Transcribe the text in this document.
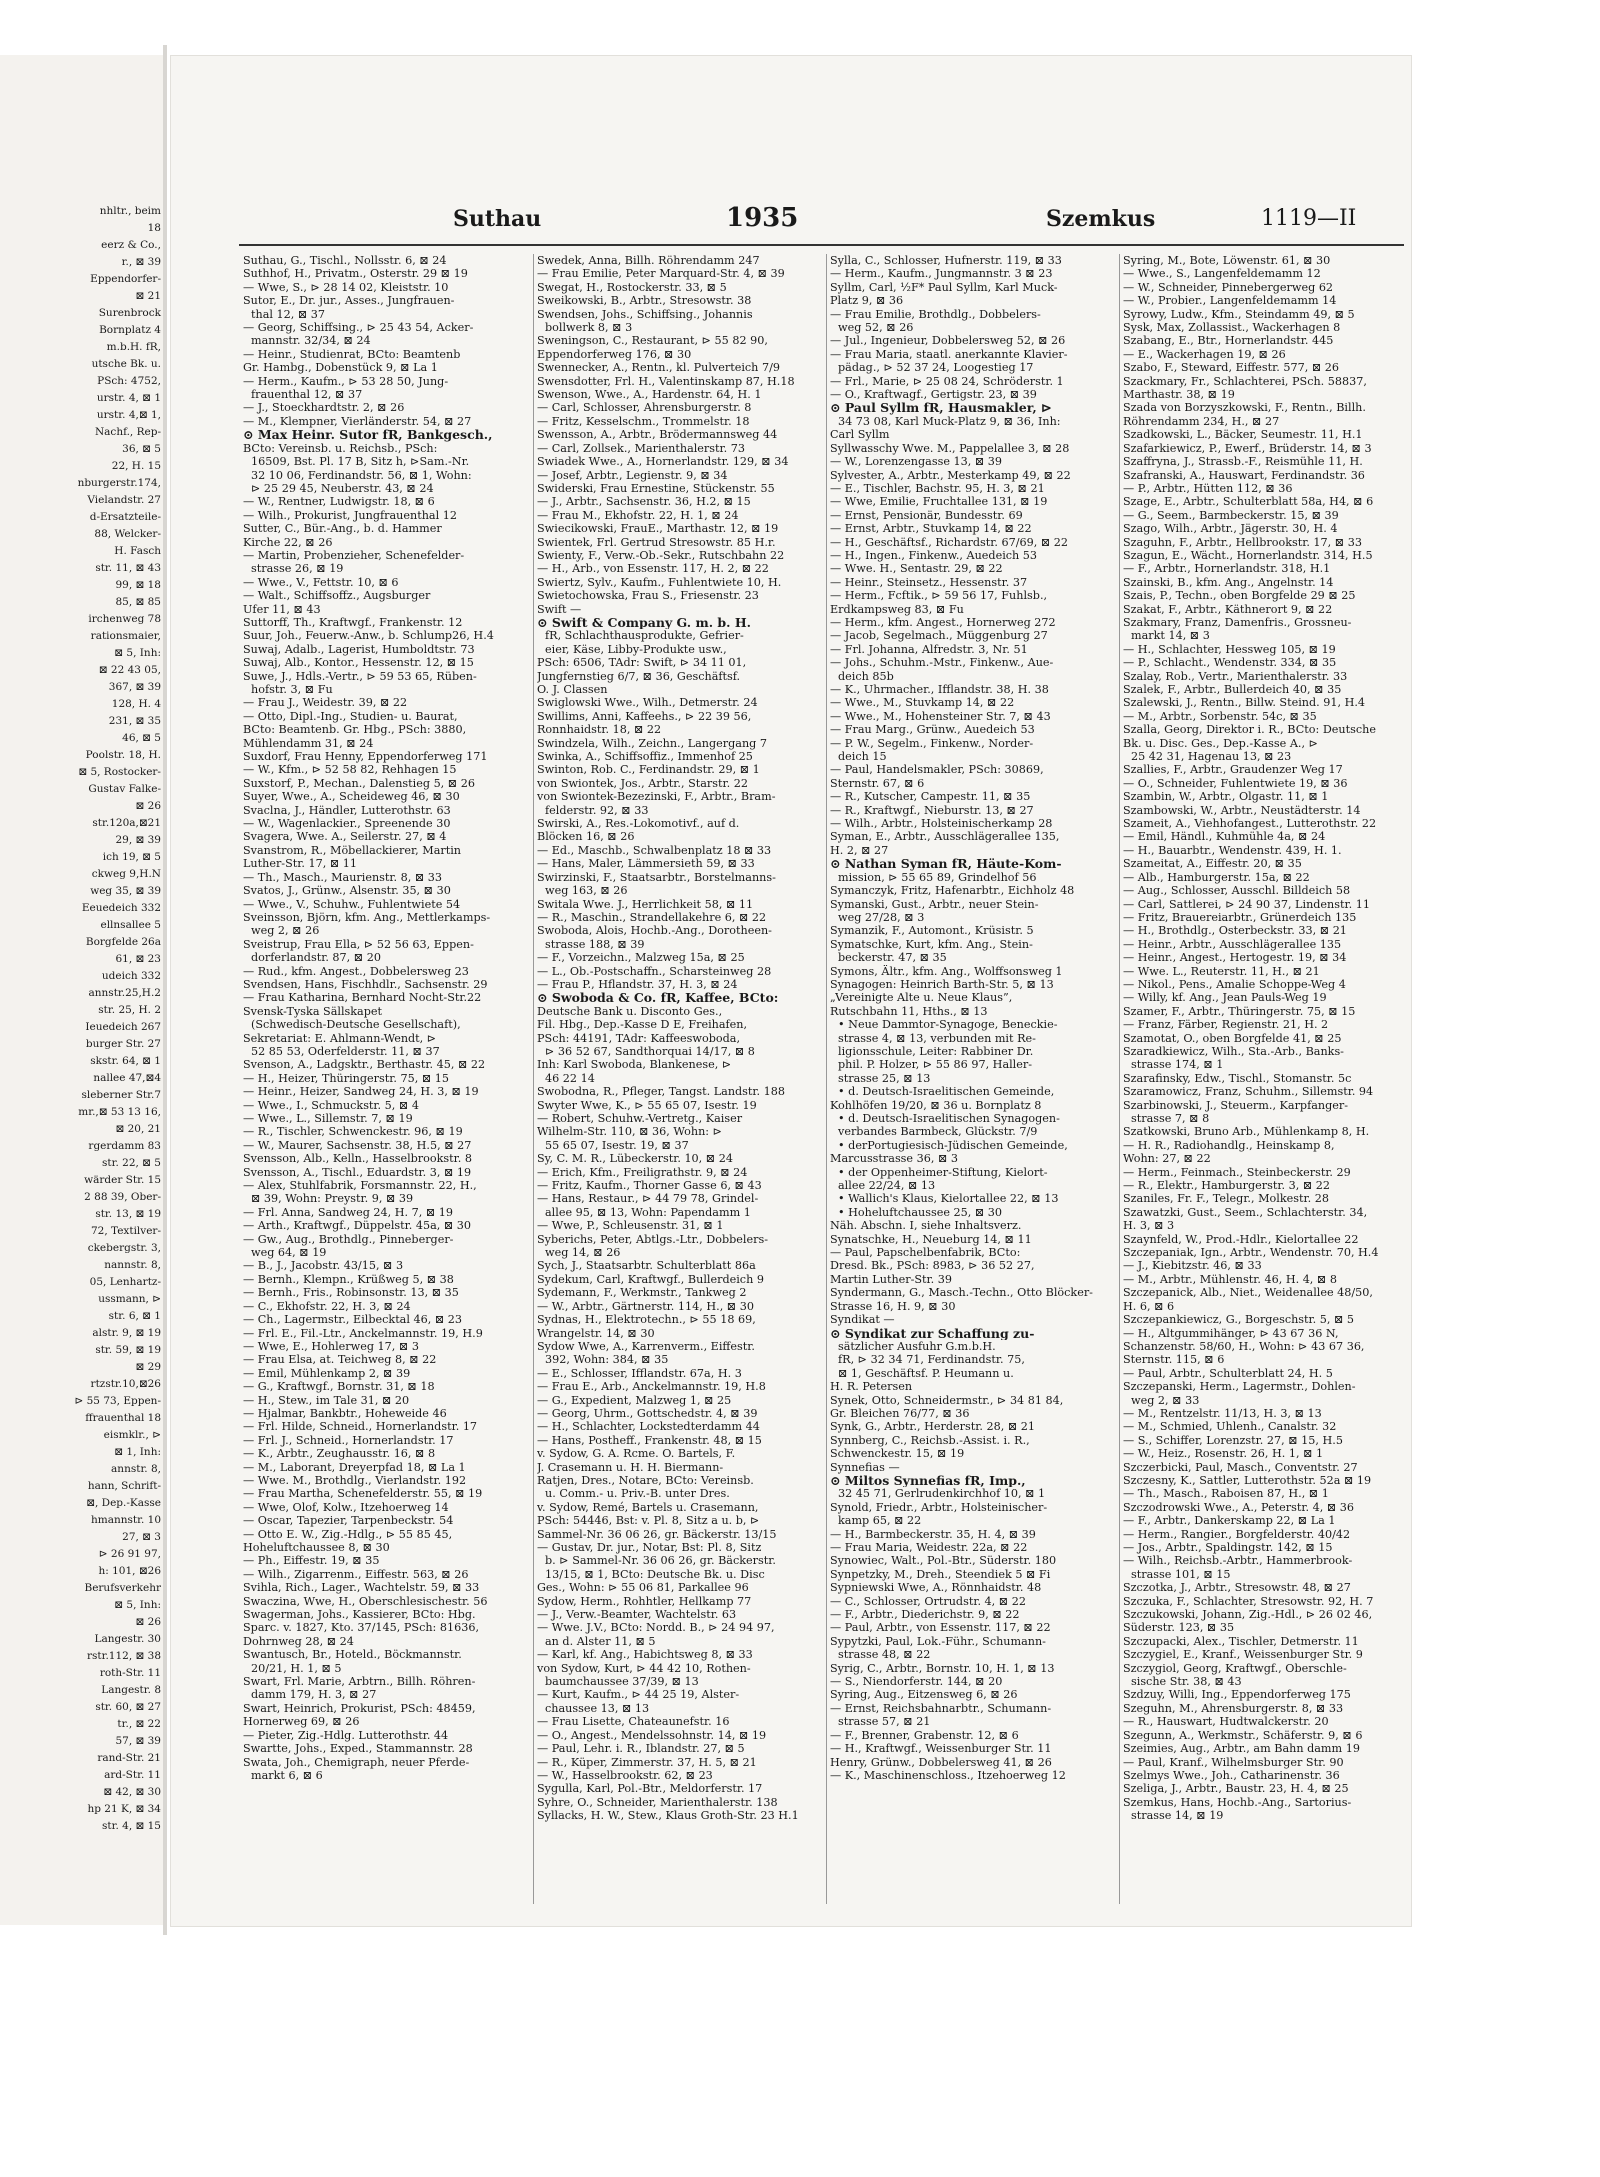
nhltr., beim
18
eerz & Co.,
r., ⊠ 39
Eppendorfer-
⊠ 21
Surenbrock
Bornplatz 4
m.b.H. fR,
utsche Bk. u.
PSch: 4752,
urstr. 4, ⊠ 1
urstr. 4,⊠ 1,
Nachf., Rep-
36, ⊠ 5
22, H. 15
nburgerstr.174,
Vielandstr. 27
d-Ersatzteile-
88, Welcker-
H. Fasch
str. 11, ⊠ 43
99, ⊠ 18
85, ⊠ 85
irchenweg 78
rationsmaier,
⊠ 5, Inh:
⊠ 22 43 05,
367, ⊠ 39
128, H. 4
231, ⊠ 35
46, ⊠ 5
Poolstr. 18, H.
⊠ 5, Rostocker-
Gustav Falke-
⊠ 26
str.120a,⊠21
29, ⊠ 39
ich 19, ⊠ 5
ckweg 9,H.N
weg 35, ⊠ 39
Eeuedeich 332
ellnsallee 5
Borgfelde 26a
61, ⊠ 23
udeich 332
annstr.25,H.2
str. 25, H. 2
Ieuedeich 267
burger Str. 27
skstr. 64, ⊠ 1
nallee 47,⊠4
sleberner Str.7
mr.,⊠ 53 13 16,
⊠ 20, 21
rgerdamm 83
str. 22, ⊠ 5
wärder Str. 15
2 88 39, Ober-
str. 13, ⊠ 19
72, Textilver-
ckebergstr. 3,
nannstr. 8,
05, Lenhartz-
ussmann, ⊳
str. 6, ⊠ 1
alstr. 9, ⊠ 19
str. 59, ⊠ 19
⊠ 29
rtzstr.10,⊠26
⊳ 55 73, Eppen-
ffrauenthal 18
eismklr., ⊳
⊠ 1, Inh:
annstr. 8,
hann, Schrift-
⊠, Dep.-Kasse
hmannstr. 10
27, ⊠ 3
⊳ 26 91 97,
h: 101, ⊠26
Berufsverkehr
⊠ 5, Inh:
⊠ 26
Langestr. 30
rstr.112, ⊠ 38
roth-Str. 11
Langestr. 8
str. 60, ⊠ 27
tr., ⊠ 22
57, ⊠ 39
rand-Str. 21
ard-Str. 11
⊠ 42, ⊠ 30
hp 21 K, ⊠ 34
str. 4, ⊠ 15
Suthau	1935	Szemkus	1119—II
Suthau, G., Tischl., Nollsstr. 6, ⊠ 24
Suthhof, H., Privatm., Osterstr. 29 ⊠ 19
— Wwe, S., ⊳ 28 14 02, Kleiststr. 10
Sutor, E., Dr. jur., Asses., Jungfrauen-
thal 12, ⊠ 37
— Georg, Schiffsing., ⊳ 25 43 54, Acker-
mannstr. 32/34, ⊠ 24
— Heinr., Studienrat, BCto: Beamtenb
Gr. Hambg., Dobenstück 9, ⊠ La 1
— Herm., Kaufm., ⊳ 53 28 50, Jung-
frauenthal 12, ⊠ 37
— J., Stoeckhardtstr. 2, ⊠ 26
— M., Klempner, Vierländerstr. 54, ⊠ 27
⊙ Max Heinr. Sutor fR, Bankgesch.,
BCto: Vereinsb. u. Reichsb., PSch:
16509, Bst. Pl. 17 B, Sitz h, ⊳Sam.-Nr.
32 10 06, Ferdinandstr. 56, ⊠ 1, Wohn:
⊳ 25 29 45, Neuberstr. 43, ⊠ 24
— W., Rentner, Ludwigstr. 18, ⊠ 6
— Wilh., Prokurist, Jungfrauenthal 12
Sutter, C., Bür.-Ang., b. d. Hammer
Kirche 22, ⊠ 26
— Martin, Probenzieher, Schenefelder-
strasse 26, ⊠ 19
— Wwe., V., Fettstr. 10, ⊠ 6
— Walt., Schiffsoffz., Augsburger
Ufer 11, ⊠ 43
Suttorff, Th., Kraftwgf., Frankenstr. 12
Suur, Joh., Feuerw.-Anw., b. Schlump26, H.4
Suwaj, Adalb., Lagerist, Humboldtstr. 73
Suwaj, Alb., Kontor., Hessenstr. 12, ⊠ 15
Suwe, J., Hdls.-Vertr., ⊳ 59 53 65, Rüben-
hofstr. 3, ⊠ Fu
— Frau J., Weidestr. 39, ⊠ 22
— Otto, Dipl.-Ing., Studien- u. Baurat,
BCto: Beamtenb. Gr. Hbg., PSch: 3880,
Mühlendamm 31, ⊠ 24
Suxdorf, Frau Henny, Eppendorferweg 171
— W., Kfm., ⊳ 52 58 82, Rehhagen 15
Suxstorf, P., Mechan., Dalenstieg 5, ⊠ 26
Suyer, Wwe., A., Scheideweg 46, ⊠ 30
Svaclna, J., Händler, Lutterothstr. 63
— W., Wagenlackier., Spreenende 30
Svagera, Wwe. A., Seilerstr. 27, ⊠ 4
Svanstrom, R., Möbellackierer, Martin
Luther-Str. 17, ⊠ 11
— Th., Masch., Maurienstr. 8, ⊠ 33
Svatos, J., Grünw., Alsenstr. 35, ⊠ 30
— Wwe., V., Schuhw., Fuhlentwiete 54
Sveinsson, Björn, kfm. Ang., Mettlerkamps-
weg 2, ⊠ 26
Sveistrup, Frau Ella, ⊳ 52 56 63, Eppen-
dorferlandstr. 87, ⊠ 20
— Rud., kfm. Angest., Dobbelersweg 23
Svendsen, Hans, Fischhdlr., Sachsenstr. 29
— Frau Katharina, Bernhard Nocht-Str.22
Svensk-Tyska Sällskapet
(Schwedisch-Deutsche Gesellschaft),
Sekretariat: E. Ahlmann-Wendt, ⊳
52 85 53, Oderfelderstr. 11, ⊠ 37
Svenson, A., Ladgsktr., Berthastr. 45, ⊠ 22
— H., Heizer, Thüringerstr. 75, ⊠ 15
— Heinr., Heizer, Sandweg 24, H. 3, ⊠ 19
— Wwe., I., Schmuckstr. 5, ⊠ 4
— Wwe., L., Sillemstr. 7, ⊠ 19
— R., Tischler, Schwenckestr. 96, ⊠ 19
— W., Maurer, Sachsenstr. 38, H.5, ⊠ 27
Svensson, Alb., Kelln., Hasselbrookstr. 8
Svensson, A., Tischl., Eduardstr. 3, ⊠ 19
— Alex, Stuhlfabrik, Forsmannstr. 22, H.,
⊠ 39, Wohn: Preystr. 9, ⊠ 39
— Frl. Anna, Sandweg 24, H. 7, ⊠ 19
— Arth., Kraftwgf., Düppelstr. 45a, ⊠ 30
— Gw., Aug., Brothdlg., Pinneberger-
weg 64, ⊠ 19
— B., J., Jacobstr. 43/15, ⊠ 3
— Bernh., Klempn., Krüßweg 5, ⊠ 38
— Bernh., Fris., Robinsonstr. 13, ⊠ 35
— C., Ekhofstr. 22, H. 3, ⊠ 24
— Ch., Lagermstr., Eilbecktal 46, ⊠ 23
— Frl. E., Fil.-Ltr., Anckelmannstr. 19, H.9
— Wwe, E., Hohlerweg 17, ⊠ 3
— Frau Elsa, at. Teichweg 8, ⊠ 22
— Emil, Mühlenkamp 2, ⊠ 39
— G., Kraftwgf., Bornstr. 31, ⊠ 18
— H., Stew., im Tale 31, ⊠ 20
— Hjalmar, Bankbtr., Hoheweide 46
— Frl. Hilde, Schneid., Hornerlandstr. 17
— Frl. J., Schneid., Hornerlandstr. 17
— K., Arbtr., Zeughausstr. 16, ⊠ 8
— M., Laborant, Dreyerpfad 18, ⊠ La 1
— Wwe. M., Brothdlg., Vierlandstr. 192
— Frau Martha, Schenefelderstr. 55, ⊠ 19
— Wwe, Olof, Kolw., Itzehoerweg 14
— Oscar, Tapezier, Tarpenbeckstr. 54
— Otto E. W., Zig.-Hdlg., ⊳ 55 85 45,
Hoheluftchaussee 8, ⊠ 30
— Ph., Eiffestr. 19, ⊠ 35
— Wilh., Zigarrenm., Eiffestr. 563, ⊠ 26
Svihla, Rich., Lager., Wachtelstr. 59, ⊠ 33
Swaczina, Wwe, H., Oberschlesischestr. 56
Swagerman, Johs., Kassierer, BCto: Hbg.
Sparc. v. 1827, Kto. 37/145, PSch: 81636,
Dohrnweg 28, ⊠ 24
Swantusch, Br., Hoteld., Böckmannstr.
20/21, H. 1, ⊠ 5
Swart, Frl. Marie, Arbtrn., Billh. Röhren-
damm 179, H. 3, ⊠ 27
Swart, Heinrich, Prokurist, PSch: 48459,
Hornerweg 69, ⊠ 26
— Pieter, Zig.-Hdlg. Lutterothstr. 44
Swartte, Johs., Exped., Stammannstr. 28
Swata, Joh., Chemigraph, neuer Pferde-
markt 6, ⊠ 6
Swedek, Anna, Billh. Röhrendamm 247
— Frau Emilie, Peter Marquard-Str. 4, ⊠ 39
Swegat, H., Rostockerstr. 33, ⊠ 5
Sweikowski, B., Arbtr., Stresowstr. 38
Swendsen, Johs., Schiffsing., Johannis
bollwerk 8, ⊠ 3
Sweningson, C., Restaurant, ⊳ 55 82 90,
Eppendorferweg 176, ⊠ 30
Swennecker, A., Rentn., kl. Pulverteich 7/9
Swensdotter, Frl. H., Valentinskamp 87, H.18
Swenson, Wwe., A., Hardenstr. 64, H. 1
— Carl, Schlosser, Ahrensburgerstr. 8
— Fritz, Kesselschm., Trommelstr. 18
Swensson, A., Arbtr., Brödermannsweg 44
— Carl, Zollsek., Marienthalerstr. 73
Swiadek Wwe., A., Hornerlandstr. 129, ⊠ 34
— Josef, Arbtr., Legienstr. 9, ⊠ 34
Swiderski, Frau Ernestine, Stückenstr. 55
— J., Arbtr., Sachsenstr. 36, H.2, ⊠ 15
— Frau M., Ekhofstr. 22, H. 1, ⊠ 24
Swiecikowski, FrauE., Marthastr. 12, ⊠ 19
Swientek, Frl. Gertrud Stresowstr. 85 H.r.
Swienty, F., Verw.-Ob.-Sekr., Rutschbahn 22
— H., Arb., von Essenstr. 117, H. 2, ⊠ 22
Swiertz, Sylv., Kaufm., Fuhlentwiete 10, H.
Swietochowska, Frau S., Friesenstr. 23
Swift —
⊙ Swift & Company G. m. b. H.
fR, Schlachthausprodukte, Gefrier-
eier, Käse, Libby-Produkte usw.,
PSch: 6506, TAdr: Swift, ⊳ 34 11 01,
Jungfernstieg 6/7, ⊠ 36, Geschäftsf.
O. J. Classen
Swiglowski Wwe., Wilh., Detmerstr. 24
Swillims, Anni, Kaffeehs., ⊳ 22 39 56,
Ronnhaidstr. 18, ⊠ 22
Swindzela, Wilh., Zeichn., Langergang 7
Swinka, A., Schiffsoffiz., Immenhof 25
Swinton, Rob. C., Ferdinandstr. 29, ⊠ 1
von Swiontek, Jos., Arbtr., Starstr. 22
von Swiontek-Bezezinski, F., Arbtr., Bram-
felderstr. 92, ⊠ 33
Swirski, A., Res.-Lokomotivf., auf d.
Blöcken 16, ⊠ 26
— Ed., Maschb., Schwalbenplatz 18 ⊠ 33
— Hans, Maler, Lämmersieth 59, ⊠ 33
Swirzinski, F., Staatsarbtr., Borstelmanns-
weg 163, ⊠ 26
Switala Wwe. J., Herrlichkeit 58, ⊠ 11
— R., Maschin., Strandellakehre 6, ⊠ 22
Swoboda, Alois, Hochb.-Ang., Dorotheen-
strasse 188, ⊠ 39
— F., Vorzeichn., Malzweg 15a, ⊠ 25
— L., Ob.-Postschaffn., Scharsteinweg 28
— Frau P., Hflandstr. 37, H. 3, ⊠ 24
⊙ Swoboda & Co. fR, Kaffee, BCto:
Deutsche Bank u. Disconto Ges.,
Fil. Hbg., Dep.-Kasse D E, Freihafen,
PSch: 44191, TAdr: Kaffeeswoboda,
⊳ 36 52 67, Sandthorquai 14/17, ⊠ 8
Inh: Karl Swoboda, Blankenese, ⊳
46 22 14
Swobodna, R., Pfleger, Tangst. Landstr. 188
Swyter Wwe, K., ⊳ 55 65 07, Isestr. 19
— Robert, Schuhw.-Vertretg., Kaiser
Wilhelm-Str. 110, ⊠ 36, Wohn: ⊳
55 65 07, Isestr. 19, ⊠ 37
Sy, C. M. R., Lübeckerstr. 10, ⊠ 24
— Erich, Kfm., Freiligrathstr. 9, ⊠ 24
— Fritz, Kaufm., Thorner Gasse 6, ⊠ 43
— Hans, Restaur., ⊳ 44 79 78, Grindel-
allee 95, ⊠ 13, Wohn: Papendamm 1
— Wwe, P., Schleusenstr. 31, ⊠ 1
Syberichs, Peter, Abtlgs.-Ltr., Dobbelers-
weg 14, ⊠ 26
Sych, J., Staatsarbtr. Schulterblatt 86a
Sydekum, Carl, Kraftwgf., Bullerdeich 9
Sydemann, F., Werkmstr., Tankweg 2
— W., Arbtr., Gärtnerstr. 114, H., ⊠ 30
Sydnas, H., Elektrotechn., ⊳ 55 18 69,
Wrangelstr. 14, ⊠ 30
Sydow Wwe, A., Karrenverm., Eiffestr.
392, Wohn: 384, ⊠ 35
— E., Schlosser, Ifflandstr. 67a, H. 3
— Frau E., Arb., Anckelmannstr. 19, H.8
— G., Expedient, Malzweg 1, ⊠ 25
— Georg, Uhrm., Gottschedstr. 4, ⊠ 39
— H., Schlachter, Lockstedterdamm 44
— Hans, Postheff., Frankenstr. 48, ⊠ 15
v. Sydow, G. A. Rcme. O. Bartels, F.
J. Crasemann u. H. H. Biermann-
Ratjen, Dres., Notare, BCto: Vereinsb.
u. Comm.- u. Priv.-B. unter Dres.
v. Sydow, Remé, Bartels u. Crasemann,
PSch: 54446, Bst: v. Pl. 8, Sitz a u. b, ⊳
Sammel-Nr. 36 06 26, gr. Bäckerstr. 13/15
— Gustav, Dr. jur., Notar, Bst: Pl. 8, Sitz
b. ⊳ Sammel-Nr. 36 06 26, gr. Bäckerstr.
13/15, ⊠ 1, BCto: Deutsche Bk. u. Disc
Ges., Wohn: ⊳ 55 06 81, Parkallee 96
Sydow, Herm., Rohhtler, Hellkamp 77
— J., Verw.-Beamter, Wachtelstr. 63
— Wwe. J.V., BCto: Nordd. B., ⊳ 24 94 97,
an d. Alster 11, ⊠ 5
— Karl, kf. Ang., Habichtsweg 8, ⊠ 33
von Sydow, Kurt, ⊳ 44 42 10, Rothen-
baumchaussee 37/39, ⊠ 13
— Kurt, Kaufm., ⊳ 44 25 19, Alster-
chaussee 13, ⊠ 13
— Frau Lisette, Chateaunefstr. 16
— O., Angest., Mendelssohnstr. 14, ⊠ 19
— Paul, Lehr. i. R., Iblandstr. 27, ⊠ 5
— R., Küper, Zimmerstr. 37, H. 5, ⊠ 21
— W., Hasselbrookstr. 62, ⊠ 23
Sygulla, Karl, Pol.-Btr., Meldorferstr. 17
Syhre, O., Schneider, Marienthalerstr. 138
Syllacks, H. W., Stew., Klaus Groth-Str. 23 H.1
Sylla, C., Schlosser, Hufnerstr. 119, ⊠ 33
— Herm., Kaufm., Jungmannstr. 3 ⊠ 23
Syllm, Carl, ⅟₂F* Paul Syllm, Karl Muck-
Platz 9, ⊠ 36
— Frau Emilie, Brothdlg., Dobbelers-
weg 52, ⊠ 26
— Jul., Ingenieur, Dobbelersweg 52, ⊠ 26
— Frau Maria, staatl. anerkannte Klavier-
pädag., ⊳ 52 37 24, Loogestieg 17
— Frl., Marie, ⊳ 25 08 24, Schröderstr. 1
— O., Kraftwagf., Gertigstr. 23, ⊠ 39
⊙ Paul Syllm fR, Hausmakler, ⊳
34 73 08, Karl Muck-Platz 9, ⊠ 36, Inh:
Carl Syllm
Syllwasschy Wwe. M., Pappelallee 3, ⊠ 28
— W., Lorenzengasse 13, ⊠ 39
Sylvester, A., Arbtr., Mesterkamp 49, ⊠ 22
— E., Tischler, Bachstr. 95, H. 3, ⊠ 21
— Wwe, Emilie, Fruchtallee 131, ⊠ 19
— Ernst, Pensionär, Bundesstr. 69
— Ernst, Arbtr., Stuvkamp 14, ⊠ 22
— H., Geschäftsf., Richardstr. 67/69, ⊠ 22
— H., Ingen., Finkenw., Auedeich 53
— Wwe. H., Sentastr. 29, ⊠ 22
— Heinr., Steinsetz., Hessenstr. 37
— Herm., Fcftik., ⊳ 59 56 17, Fuhlsb.,
Erdkampsweg 83, ⊠ Fu
— Herm., kfm. Angest., Hornerweg 272
— Jacob, Segelmach., Müggenburg 27
— Frl. Johanna, Alfredstr. 3, Nr. 51
— Johs., Schuhm.-Mstr., Finkenw., Aue-
deich 85b
— K., Uhrmacher., Ifflandstr. 38, H. 38
— Wwe., M., Stuvkamp 14, ⊠ 22
— Wwe., M., Hohensteiner Str. 7, ⊠ 43
— Frau Marg., Grünw., Auedeich 53
— P. W., Segelm., Finkenw., Norder-
deich 15
— Paul, Handelsmakler, PSch: 30869,
Sternstr. 67, ⊠ 6
— R., Kutscher, Campestr. 11, ⊠ 35
— R., Kraftwgf., Nieburstr. 13, ⊠ 27
— Wilh., Arbtr., Holsteinischerkamp 28
Syman, E., Arbtr., Ausschlägerallee 135,
H. 2, ⊠ 27
⊙ Nathan Syman fR, Häute-Kom-
mission, ⊳ 55 65 89, Grindelhof 56
Symanczyk, Fritz, Hafenarbtr., Eichholz 48
Symanski, Gust., Arbtr., neuer Stein-
weg 27/28, ⊠ 3
Symanzik, F., Automont., Krüsistr. 5
Symatschke, Kurt, kfm. Ang., Stein-
beckerstr. 47, ⊠ 35
Symons, Ältr., kfm. Ang., Wolffsonsweg 1
Synagogen: Heinrich Barth-Str. 5, ⊠ 13
„Vereinigte Alte u. Neue Klaus”,
Rutschbahn 11, Hths., ⊠ 13
• Neue Dammtor-Synagoge, Beneckie-
strasse 4, ⊠ 13, verbunden mit Re-
ligionsschule, Leiter: Rabbiner Dr.
phil. P. Holzer, ⊳ 55 86 97, Haller-
strasse 25, ⊠ 13
• d. Deutsch-Israelitischen Gemeinde,
Kohlhöfen 19/20, ⊠ 36 u. Bornplatz 8
• d. Deutsch-Israelitischen Synagogen-
verbandes Barmbeck, Glückstr. 7/9
• derPortugiesisch-Jüdischen Gemeinde,
Marcusstrasse 36, ⊠ 3
• der Oppenheimer-Stiftung, Kielort-
allee 22/24, ⊠ 13
• Wallich's Klaus, Kielortallee 22, ⊠ 13
• Hoheluftchaussee 25, ⊠ 30
Näh. Abschn. I, siehe Inhaltsverz.
Synatschke, H., Neueburg 14, ⊠ 11
— Paul, Papschelbenfabrik, BCto:
Dresd. Bk., PSch: 8983, ⊳ 36 52 27,
Martin Luther-Str. 39
Syndermann, G., Masch.-Techn., Otto Blöcker-
Strasse 16, H. 9, ⊠ 30
Syndikat —
⊙ Syndikat zur Schaffung zu-
sätzlicher Ausfuhr G.m.b.H.
fR, ⊳ 32 34 71, Ferdinandstr. 75,
⊠ 1, Geschäftsf. P. Heumann u.
H. R. Petersen
Synek, Otto, Schneidermstr., ⊳ 34 81 84,
Gr. Bleichen 76/77, ⊠ 36
Synk, G., Arbtr., Herderstr. 28, ⊠ 21
Synnberg, C., Reichsb.-Assist. i. R.,
Schwenckestr. 15, ⊠ 19
Synnefias —
⊙ Miltos Synnefias fR, Imp.,
32 45 71, Gerlrudenkirchhof 10, ⊠ 1
Synold, Friedr., Arbtr., Holsteinischer-
kamp 65, ⊠ 22
— H., Barmbeckerstr. 35, H. 4, ⊠ 39
— Frau Maria, Weidestr. 22a, ⊠ 22
Synowiec, Walt., Pol.-Btr., Süderstr. 180
Synpetzky, M., Dreh., Steendiek 5 ⊠ Fi
Sypniewski Wwe, A., Rönnhaidstr. 48
— C., Schlosser, Ortrudstr. 4, ⊠ 22
— F., Arbtr., Diederichstr. 9, ⊠ 22
— Paul, Arbtr., von Essenstr. 117, ⊠ 22
Sypytzki, Paul, Lok.-Führ., Schumann-
strasse 48, ⊠ 22
Syrig, C., Arbtr., Bornstr. 10, H. 1, ⊠ 13
— S., Niendorferstr. 144, ⊠ 20
Syring, Aug., Eitzensweg 6, ⊠ 26
— Ernst, Reichsbahnarbtr., Schumann-
strasse 57, ⊠ 21
— F., Brenner, Grabenstr. 12, ⊠ 6
— H., Kraftwgf., Weissenburger Str. 11
Henry, Grünw., Dobbelersweg 41, ⊠ 26
— K., Maschinenschloss., Itzehoerweg 12
Syring, M., Bote, Löwenstr. 61, ⊠ 30
— Wwe., S., Langenfeldemamm 12
— W., Schneider, Pinnebergerweg 62
— W., Probier., Langenfeldemamm 14
Syrowy, Ludw., Kfm., Steindamm 49, ⊠ 5
Sysk, Max, Zollassist., Wackerhagen 8
Szabang, E., Btr., Hornerlandstr. 445
— E., Wackerhagen 19, ⊠ 26
Szabo, F., Steward, Eiffestr. 577, ⊠ 26
Szackmary, Fr., Schlachterei, PSch. 58837,
Marthastr. 38, ⊠ 19
Szada von Borzyszkowski, F., Rentn., Billh.
Röhrendamm 234, H., ⊠ 27
Szadkowski, L., Bäcker, Seumestr. 11, H.1
Szafarkiewicz, P., Ewerf., Brüderstr. 14, ⊠ 3
Szaffryna, J., Strassb.-F., Reismühle 11, H.
Szafranski, A., Hauswart, Ferdinandstr. 36
— P., Arbtr., Hütten 112, ⊠ 36
Szage, E., Arbtr., Schulterblatt 58a, H4, ⊠ 6
— G., Seem., Barmbeckerstr. 15, ⊠ 39
Szago, Wilh., Arbtr., Jägerstr. 30, H. 4
Szaguhn, F., Arbtr., Hellbrookstr. 17, ⊠ 33
Szagun, E., Wächt., Hornerlandstr. 314, H.5
— F., Arbtr., Hornerlandstr. 318, H.1
Szainski, B., kfm. Ang., Angelnstr. 14
Szais, P., Techn., oben Borgfelde 29 ⊠ 25
Szakat, F., Arbtr., Käthnerort 9, ⊠ 22
Szakmary, Franz, Damenfris., Grossneu-
markt 14, ⊠ 3
— H., Schlachter, Hessweg 105, ⊠ 19
— P., Schlacht., Wendenstr. 334, ⊠ 35
Szalay, Rob., Vertr., Marienthalerstr. 33
Szalek, F., Arbtr., Bullerdeich 40, ⊠ 35
Szalewski, J., Rentn., Billw. Steind. 91, H.4
— M., Arbtr., Sorbenstr. 54c, ⊠ 35
Szalla, Georg, Direktor i. R., BCto: Deutsche
Bk. u. Disc. Ges., Dep.-Kasse A., ⊳
25 42 31, Hagenau 13, ⊠ 23
Szallies, F., Arbtr., Graudenzer Weg 17
— O., Schneider, Fuhlentwiete 19, ⊠ 36
Szambin, W., Arbtr., Olgastr. 11, ⊠ 1
Szambowski, W., Arbtr., Neustädterstr. 14
Szameit, A., Viehhofangest., Lutterothstr. 22
— Emil, Händl., Kuhmühle 4a, ⊠ 24
— H., Bauarbtr., Wendenstr. 439, H. 1.
Szameitat, A., Eiffestr. 20, ⊠ 35
— Alb., Hamburgerstr. 15a, ⊠ 22
— Aug., Schlosser, Ausschl. Billdeich 58
— Carl, Sattlerei, ⊳ 24 90 37, Lindenstr. 11
— Fritz, Brauereiarbtr., Grünerdeich 135
— H., Brothdlg., Osterbeckstr. 33, ⊠ 21
— Heinr., Arbtr., Ausschlägerallee 135
— Heinr., Angest., Hertogestr. 19, ⊠ 34
— Wwe. L., Reuterstr. 11, H., ⊠ 21
— Nikol., Pens., Amalie Schoppe-Weg 4
— Willy, kf. Ang., Jean Pauls-Weg 19
Szamer, F., Arbtr., Thüringerstr. 75, ⊠ 15
— Franz, Färber, Regienstr. 21, H. 2
Szamotat, O., oben Borgfelde 41, ⊠ 25
Szaradkiewicz, Wilh., Sta.-Arb., Banks-
strasse 174, ⊠ 1
Szarafinsky, Edw., Tischl., Stomanstr. 5c
Szaramowicz, Franz, Schuhm., Sillemstr. 94
Szarbinowski, J., Steuerm., Karpfanger-
strasse 7, ⊠ 8
Szatkowski, Bruno Arb., Mühlenkamp 8, H.
— H. R., Radiohandlg., Heinskamp 8,
Wohn: 27, ⊠ 22
— Herm., Feinmach., Steinbeckerstr. 29
— R., Elektr., Hamburgerstr. 3, ⊠ 22
Szaniles, Fr. F., Telegr., Molkestr. 28
Szawatzki, Gust., Seem., Schlachterstr. 34,
H. 3, ⊠ 3
Szaynfeld, W., Prod.-Hdlr., Kielortallee 22
Szczepaniak, Ign., Arbtr., Wendenstr. 70, H.4
— J., Kiebitzstr. 46, ⊠ 33
— M., Arbtr., Mühlenstr. 46, H. 4, ⊠ 8
Szczepanick, Alb., Niet., Weidenallee 48/50,
H. 6, ⊠ 6
Szczepankiewicz, G., Borgeschstr. 5, ⊠ 5
— H., Altgummihänger, ⊳ 43 67 36 N,
Schanzenstr. 58/60, H., Wohn: ⊳ 43 67 36,
Sternstr. 115, ⊠ 6
— Paul, Arbtr., Schulterblatt 24, H. 5
Szczepanski, Herm., Lagermstr., Dohlen-
weg 2, ⊠ 33
— M., Rentzelstr. 11/13, H. 3, ⊠ 13
— M., Schmied, Uhlenh., Canalstr. 32
— S., Schiffer, Lorenzstr. 27, ⊠ 15, H.5
— W., Heiz., Rosenstr. 26, H. 1, ⊠ 1
Szczerbicki, Paul, Masch., Conventstr. 27
Szczesny, K., Sattler, Lutterothstr. 52a ⊠ 19
— Th., Masch., Raboisen 87, H., ⊠ 1
Szczodrowski Wwe., A., Peterstr. 4, ⊠ 36
— F., Arbtr., Dankerskamp 22, ⊠ La 1
— Herm., Rangier., Borgfelderstr. 40/42
— Jos., Arbtr., Spaldingstr. 142, ⊠ 15
— Wilh., Reichsb.-Arbtr., Hammerbrook-
strasse 101, ⊠ 15
Szczotka, J., Arbtr., Stresowstr. 48, ⊠ 27
Szczuka, F., Schlachter, Stresowstr. 92, H. 7
Szczukowski, Johann, Zig.-Hdl., ⊳ 26 02 46,
Süderstr. 123, ⊠ 35
Szczupacki, Alex., Tischler, Detmerstr. 11
Szczygiel, E., Kranf., Weissenburger Str. 9
Szczygiol, Georg, Kraftwgf., Oberschle-
sische Str. 38, ⊠ 43
Szdzuy, Willi, Ing., Eppendorferweg 175
Szeguhn, M., Ahrensburgerstr. 8, ⊠ 33
— R., Hauswart, Hudtwalckerstr. 20
Szegunn, A., Werkmstr., Schäferstr. 9, ⊠ 6
Szeimies, Aug., Arbtr., am Bahn damm 19
— Paul, Kranf., Wilhelmsburger Str. 90
Szelmys Wwe., Joh., Catharinenstr. 36
Szeliga, J., Arbtr., Baustr. 23, H. 4, ⊠ 25
Szemkus, Hans, Hochb.-Ang., Sartorius-
strasse 14, ⊠ 19
